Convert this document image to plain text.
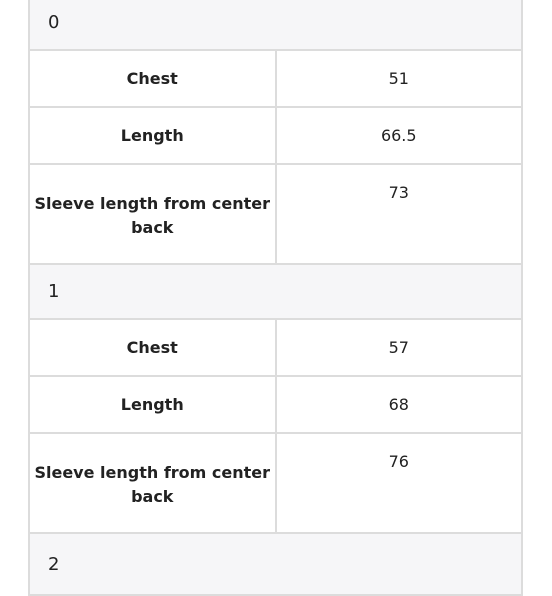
0	
Chest	51
Length	66.5
Sleeve length from center back	73
1	
Chest	57
Length	68
Sleeve length from center back	76
2	
